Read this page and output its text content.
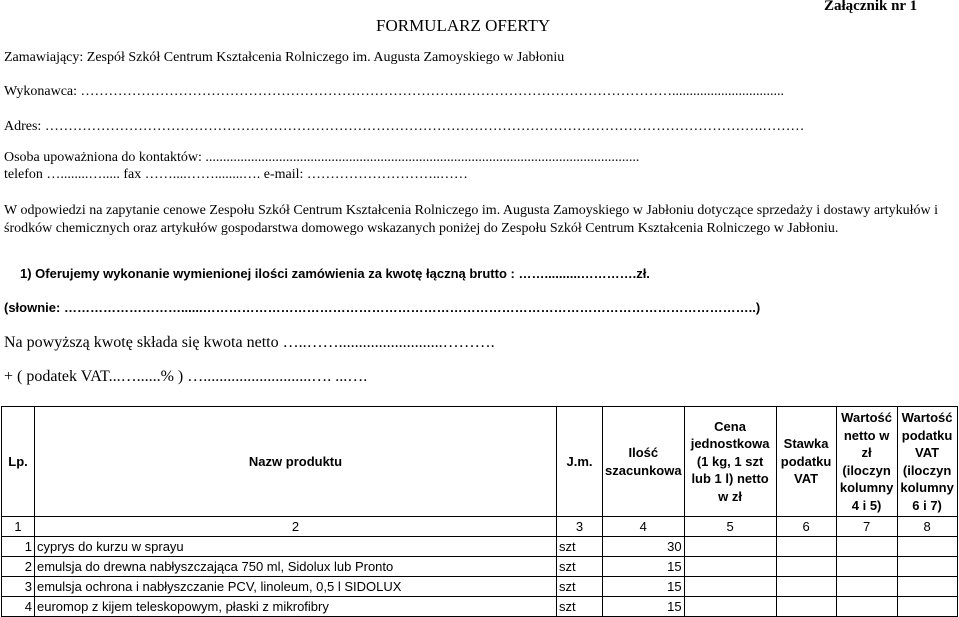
Załącznik nr 1
FORMULARZ OFERTY
Zamawiający: Zespół Szkół Centrum Kształcenia Rolniczego im. Augusta Zamoyskiego w Jabłoniu
Wykonawca: ……………………………………………………………………….………………………………………................................
Adres: ……………………………………………………………………………………………………………………………………….………
Osoba upoważniona do kontaktów: ............................................................................................................................
telefon …........…..... fax ……....……........…. e-mail: ………………………..……
W odpowiedzi na zapytanie cenowe Zespołu Szkół Centrum Kształcenia Rolniczego im. Augusta Zamoyskiego w Jabłoniu dotyczące sprzedaży i dostawy artykułów i środków chemicznych oraz artykułów gospodarstwa domowego wskazanych poniżej do Zespołu Szkół Centrum Kształcenia Rolniczego w Jabłoniu.
1) Oferujemy wykonanie wymienionej ilości zamówienia za kwotę łączną brutto : ……..........………….zł.
(słownie: ………………………......………………………………………………………………………………………………………………..)
Na powyższą kwotę składa się kwota netto …..……..........................……….
+ ( podatek VAT...…......% ) …...........................…. ...….
Lp.	Nazw produktu	J.m.	Ilość szacunkowa	Cena jednostkowa (1 kg, 1 szt lub 1 l) netto w zł	Stawka podatku VAT	Wartość netto w zł (iloczyn kolumny 4 i 5)	Wartość podatku VAT (iloczyn kolumny 6 i 7)
1	2	3	4	5	6	7	8
1	cyprys do kurzu w sprayu	szt	30				
2	emulsja do drewna nabłyszczająca 750 ml, Sidolux lub Pronto	szt	15				
3	emulsja ochrona i nabłyszczanie PCV, linoleum, 0,5 l SIDOLUX	szt	15				
4	euromop z kijem teleskopowym, płaski z mikrofibry	szt	15				
